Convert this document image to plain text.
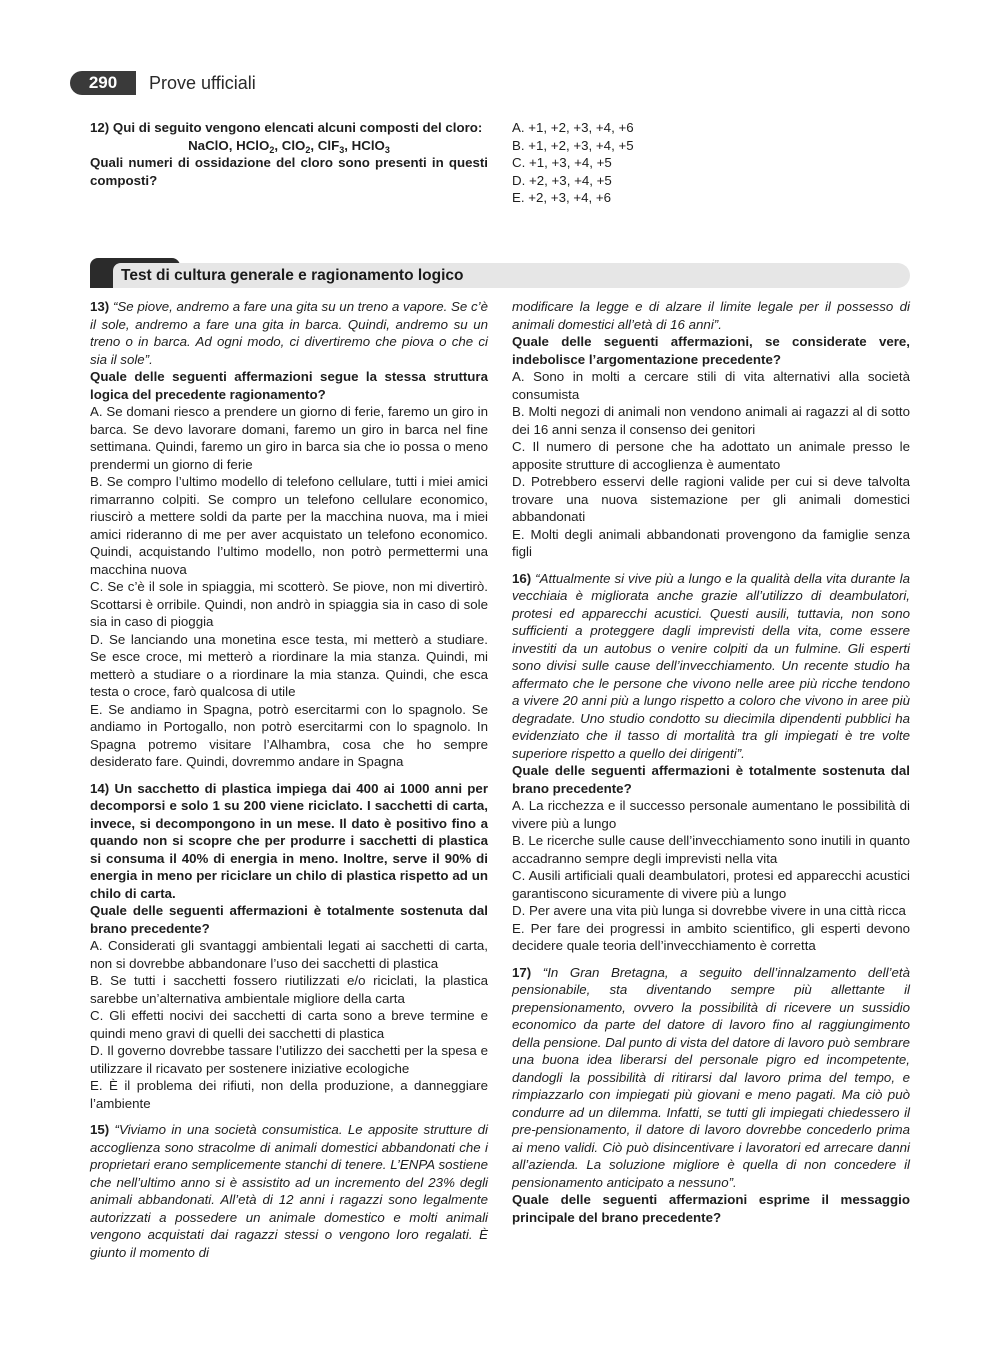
290	Prove ufficiali

12) Qui di seguito vengono elencati alcuni composti del cloro:

NaClO, HClO$_2$, ClO$_2$, ClF$_3$, HClO$_3$

Quali numeri di ossidazione del cloro sono presenti in questi composti?

A. +1, +2, +3, +4, +6
B. +1, +2, +3, +4, +5
C. +1, +3, +4, +5
D. +2, +3, +4, +5
E. +2, +3, +4, +6
Test di cultura generale e ragionamento logico

13) “Se piove, andremo a fare una gita su un treno a vapore. Se c’è il sole, andremo a fare una gita in barca. Quindi, andremo su un treno o in barca. Ad ogni modo, ci divertiremo che piova o che ci sia il sole”.

Quale delle seguenti affermazioni segue la stessa struttura logica del precedente ragionamento?

A. Se domani riesco a prendere un giorno di ferie, faremo un giro in barca. Se devo lavorare domani, faremo un giro in barca nel fine settimana. Quindi, faremo un giro in barca sia che io possa o meno prendermi un giorno di ferie

B. Se compro l’ultimo modello di telefono cellulare, tutti i miei amici rimarranno colpiti. Se compro un telefono cellulare economico, riuscirò a mettere soldi da parte per la macchina nuova, ma i miei amici rideranno di me per aver acquistato un telefono economico. Quindi, acquistando l’ultimo modello, non potrò permettermi una macchina nuova

C. Se c’è il sole in spiaggia, mi scotterò. Se piove, non mi divertirò. Scottarsi è orribile. Quindi, non andrò in spiaggia sia in caso di sole sia in caso di pioggia

D. Se lanciando una monetina esce testa, mi metterò a studiare. Se esce croce, mi metterò a riordinare la mia stanza. Quindi, mi metterò a studiare o a riordinare la mia stanza. Quindi, che esca testa o croce, farò qualcosa di utile

E. Se andiamo in Spagna, potrò esercitarmi con lo spagnolo. Se andiamo in Portogallo, non potrò esercitarmi con lo spagnolo. In Spagna potremo visitare l’Alhambra, cosa che ho sempre desiderato fare. Quindi, dovremmo andare in Spagna

14) Un sacchetto di plastica impiega dai 400 ai 1000 anni per decomporsi e solo 1 su 200 viene riciclato. I sacchetti di carta, invece, si decompongono in un mese. Il dato è positivo fino a quando non si scopre che per produrre i sacchetti di plastica si consuma il 40% di energia in meno. Inoltre, serve il 90% di energia in meno per riciclare un chilo di plastica rispetto ad un chilo di carta.

Quale delle seguenti affermazioni è totalmente sostenuta dal brano precedente?

A. Considerati gli svantaggi ambientali legati ai sacchetti di carta, non si dovrebbe abbandonare l’uso dei sacchetti di plastica

B. Se tutti i sacchetti fossero riutilizzati e/o riciclati, la plastica sarebbe un’alternativa ambientale migliore della carta

C. Gli effetti nocivi dei sacchetti di carta sono a breve termine e quindi meno gravi di quelli dei sacchetti di plastica

D. Il governo dovrebbe tassare l’utilizzo dei sacchetti per la spesa e utilizzare il ricavato per sostenere iniziative ecologiche

E. È il problema dei rifiuti, non della produzione, a danneggiare l’ambiente

15) “Viviamo in una società consumistica. Le apposite strutture di accoglienza sono stracolme di animali domestici abbandonati che i proprietari erano semplicemente stanchi di tenere. L’ENPA sostiene che nell’ultimo anno si è assistito ad un incremento del 23% degli animali abbandonati. All’età di 12 anni i ragazzi sono legalmente autorizzati a possedere un animale domestico e molti animali vengono acquistati dai ragazzi stessi o vengono loro regalati. È giunto il momento di

modificare la legge e di alzare il limite legale per il possesso di animali domestici all’età di 16 anni”.

Quale delle seguenti affermazioni, se considerate vere, indebolisce l’argomentazione precedente?

A. Sono in molti a cercare stili di vita alternativi alla società consumista

B. Molti negozi di animali non vendono animali ai ragazzi al di sotto dei 16 anni senza il consenso dei genitori

C. Il numero di persone che ha adottato un animale presso le apposite strutture di accoglienza è aumentato

D. Potrebbero esservi delle ragioni valide per cui si deve talvolta trovare una nuova sistemazione per gli animali domestici abbandonati

E. Molti degli animali abbandonati provengono da famiglie senza figli

16) “Attualmente si vive più a lungo e la qualità della vita durante la vecchiaia è migliorata anche grazie all’utilizzo di deambulatori, protesi ed apparecchi acustici. Questi ausili, tuttavia, non sono sufficienti a proteggere dagli imprevisti della vita, come essere investiti da un autobus o venire colpiti da un fulmine. Gli esperti sono divisi sulle cause dell’invecchiamento. Un recente studio ha affermato che le persone che vivono nelle aree più ricche tendono a vivere 20 anni più a lungo rispetto a coloro che vivono in aree più degradate. Uno studio condotto su diecimila dipendenti pubblici ha evidenziato che il tasso di mortalità tra gli impiegati è tre volte superiore rispetto a quello dei dirigenti”.

Quale delle seguenti affermazioni è totalmente sostenuta dal brano precedente?

A. La ricchezza e il successo personale aumentano le possibilità di vivere più a lungo

B. Le ricerche sulle cause dell’invecchiamento sono inutili in quanto accadranno sempre degli imprevisti nella vita

C. Ausili artificiali quali deambulatori, protesi ed apparecchi acustici garantiscono sicuramente di vivere più a lungo

D. Per avere una vita più lunga si dovrebbe vivere in una città ricca

E. Per fare dei progressi in ambito scientifico, gli esperti devono decidere quale teoria dell’invecchiamento è corretta

17) “In Gran Bretagna, a seguito dell’innalzamento dell’età pensionabile, sta diventando sempre più allettante il prepensionamento, ovvero la possibilità di ricevere un sussidio economico da parte del datore di lavoro fino al raggiungimento della pensione. Dal punto di vista del datore di lavoro può sembrare una buona idea liberarsi del personale pigro ed incompetente, dandogli la possibilità di ritirarsi dal lavoro prima del tempo, e rimpiazzarlo con impiegati più giovani e meno pagati. Ma ciò può condurre ad un dilemma. Infatti, se tutti gli impiegati chiedessero il pre-pensionamento, il datore di lavoro dovrebbe concederlo prima ai meno validi. Ciò può disincentivare i lavoratori ed arrecare danni all’azienda. La soluzione migliore è quella di non concedere il pensionamento anticipato a nessuno”.

Quale delle seguenti affermazioni esprime il messaggio principale del brano precedente?
